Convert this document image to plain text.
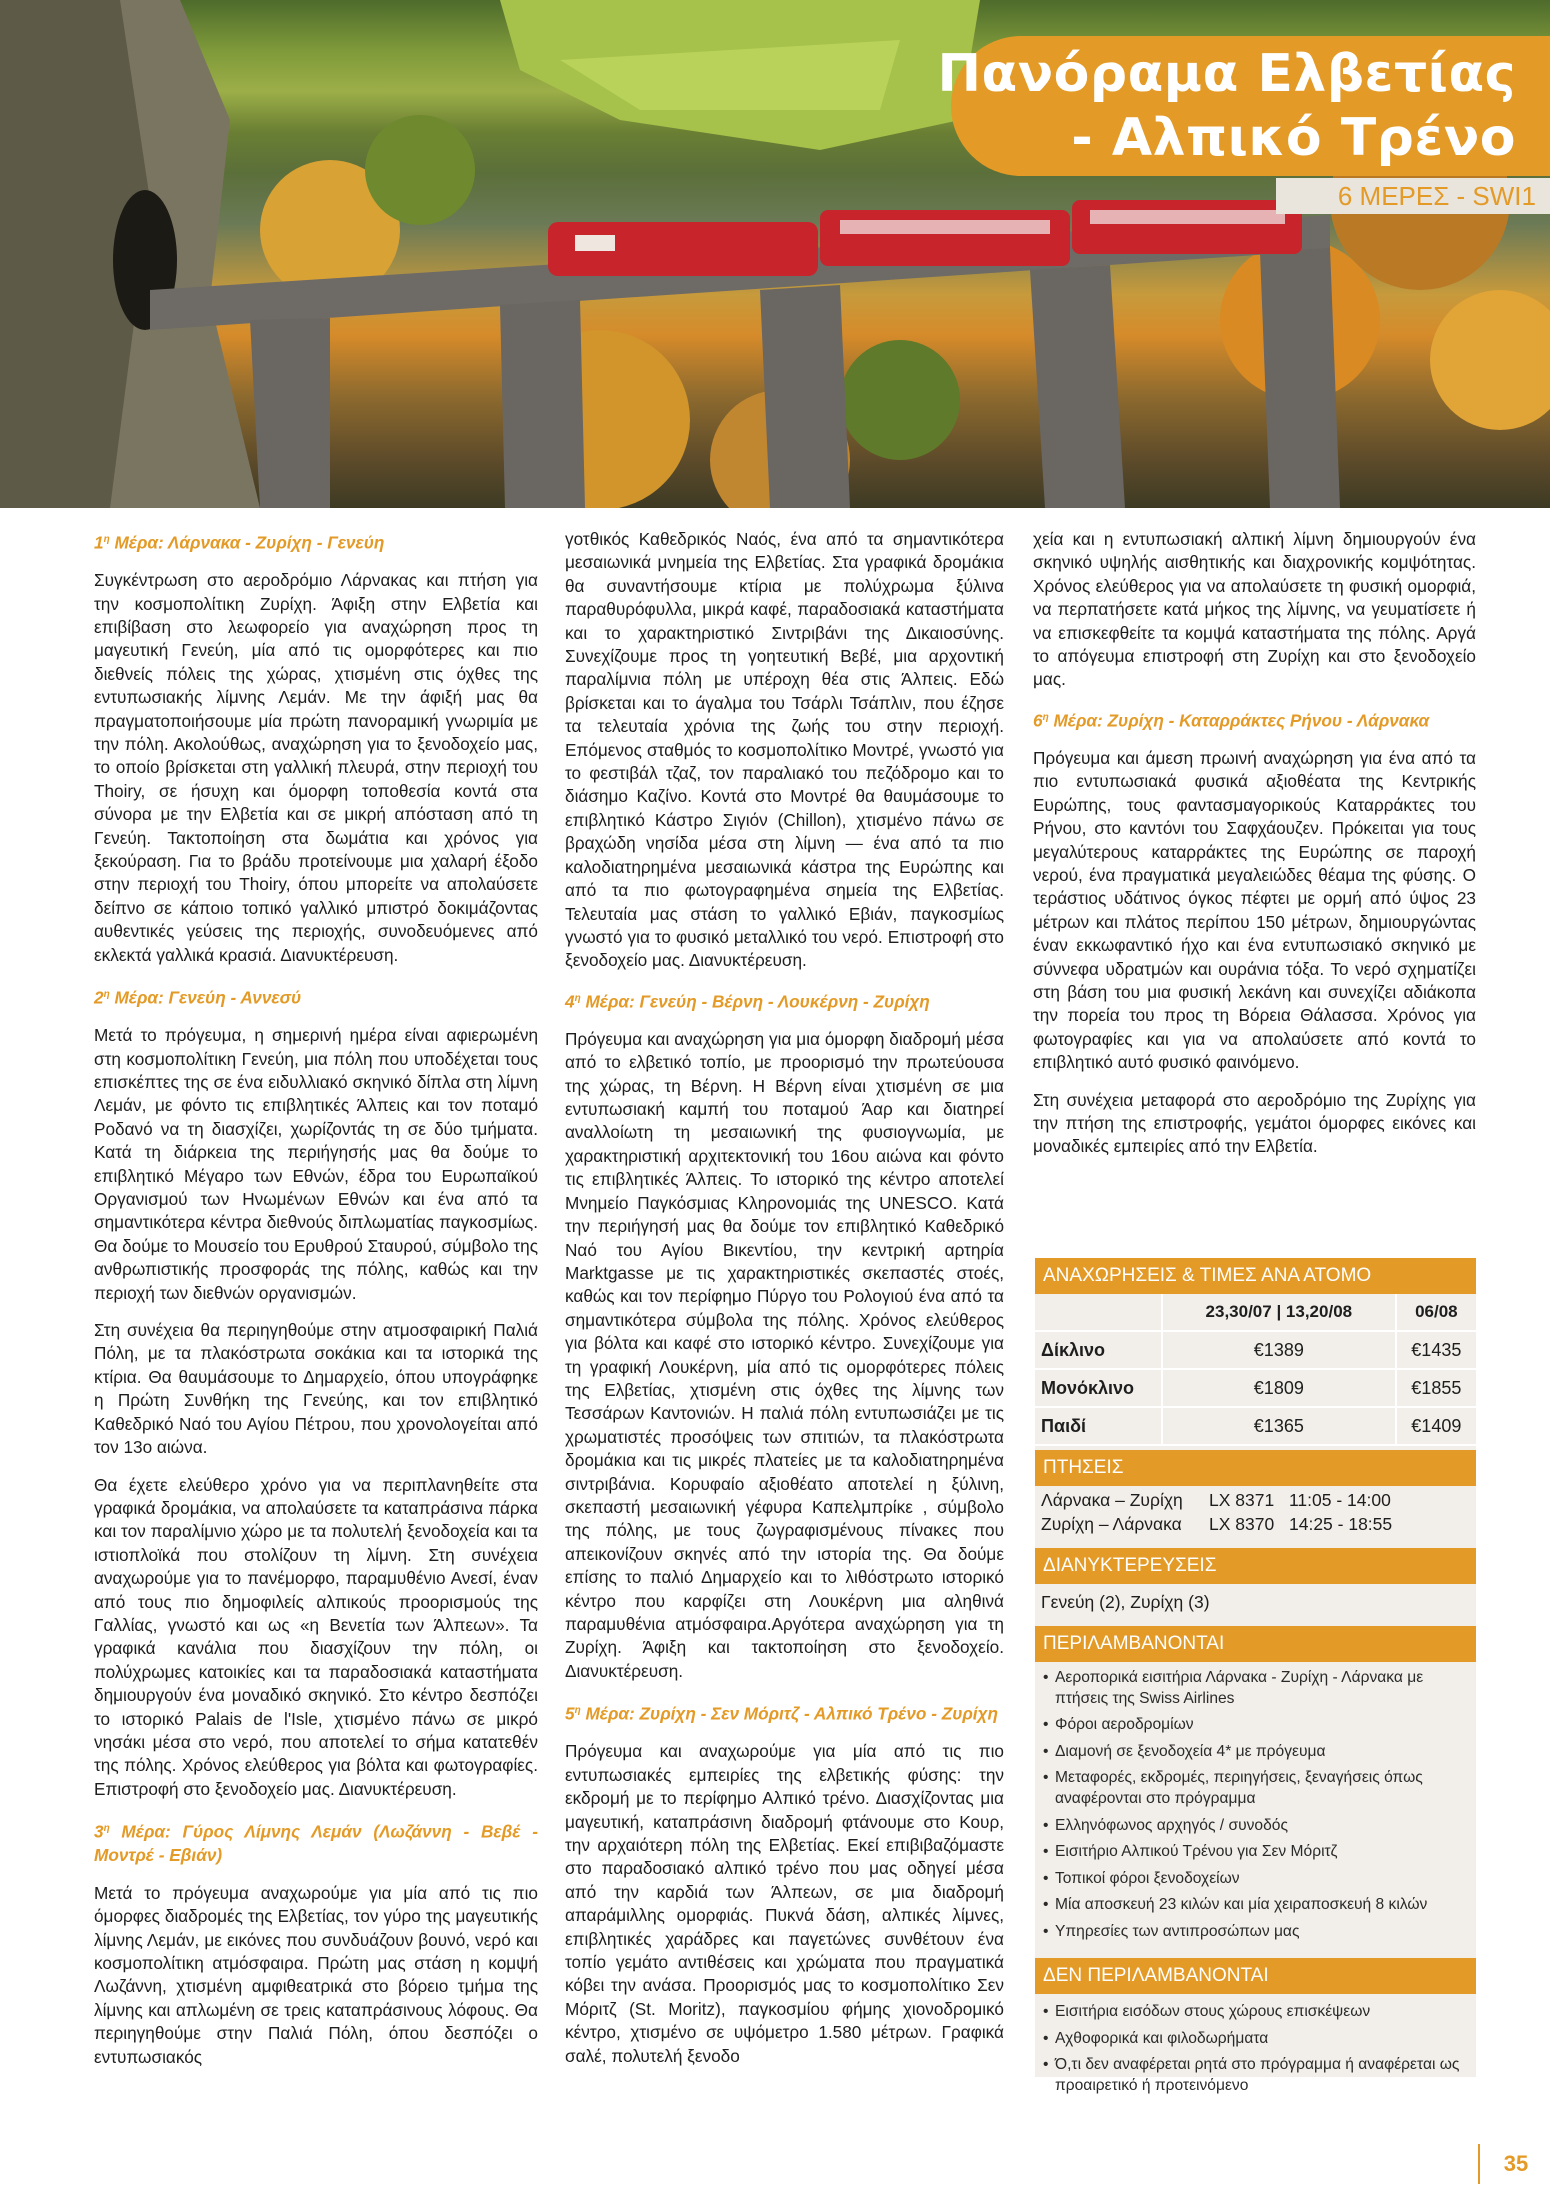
Πανόραμα Ελβετίας
- Αλπικό Τρένο
6 ΜΕΡΕΣ - SWI1

$1^\eta$ Μέρα: Λάρνακα - Ζυρίχη - Γενεύη

Συγκέντρωση στο αεροδρόμιο Λάρνακας και πτήση για την κοσμοπολίτικη Ζυρίχη. Άφιξη στην Ελβετία και επιβίβαση στο λεωφορείο για αναχώρηση προς τη μαγευτική Γενεύη, μία από τις ομορφότερες και πιο διεθνείς πόλεις της χώρας, χτισμένη στις όχθες της εντυπωσιακής λίμνης Λεμάν. Με την άφιξή μας θα πραγματοποιήσουμε μία πρώτη πανοραμική γνωριμία με την πόλη. Ακολούθως, αναχώρηση για το ξενοδοχείο μας, το οποίο βρίσκεται στη γαλλική πλευρά, στην περιοχή του Thoiry, σε ήσυχη και όμορφη τοποθεσία κοντά στα σύνορα με την Ελβετία και σε μικρή απόσταση από τη Γενεύη. Τακτοποίηση στα δωμάτια και χρόνος για ξεκούραση. Για το βράδυ προτείνουμε μια χαλαρή έξοδο στην περιοχή του Thoiry, όπου μπορείτε να απολαύσετε δείπνο σε κάποιο τοπικό γαλλικό μπιστρό δοκιμάζοντας αυθεντικές γεύσεις της περιοχής, συνοδευόμενες από εκλεκτά γαλλικά κρασιά. Διανυκτέρευση.

$2^\eta$ Μέρα: Γενεύη - Αννεσύ

Μετά το πρόγευμα, η σημερινή ημέρα είναι αφιερωμένη στη κοσμοπολίτικη Γενεύη, μια πόλη που υποδέχεται τους επισκέπτες της σε ένα ειδυλλιακό σκηνικό δίπλα στη λίμνη Λεμάν, με φόντο τις επιβλητικές Άλπεις και τον ποταμό Ροδανό να τη διασχίζει, χωρίζοντάς τη σε δύο τμήματα. Κατά τη διάρκεια της περιήγησής μας θα δούμε το επιβλητικό Μέγαρο των Εθνών, έδρα του Ευρωπαϊκού Οργανισμού των Ηνωμένων Εθνών και ένα από τα σημαντικότερα κέντρα διεθνούς διπλωματίας παγκοσμίως. Θα δούμε το Μουσείο του Ερυθρού Σταυρού, σύμβολο της ανθρωπιστικής προσφοράς της πόλης, καθώς και την περιοχή των διεθνών οργανισμών.

Στη συνέχεια θα περιηγηθούμε στην ατμοσφαιρική Παλιά Πόλη, με τα πλακόστρωτα σοκάκια και τα ιστορικά της κτίρια. Θα θαυμάσουμε το Δημαρχείο, όπου υπογράφηκε η Πρώτη Συνθήκη της Γενεύης, και τον επιβλητικό Καθεδρικό Ναό του Αγίου Πέτρου, που χρονολογείται από τον 13ο αιώνα.

Θα έχετε ελεύθερο χρόνο για να περιπλανηθείτε στα γραφικά δρομάκια, να απολαύσετε τα καταπράσινα πάρκα και τον παραλίμνιο χώρο με τα πολυτελή ξενοδοχεία και τα ιστιοπλοϊκά που στολίζουν τη λίμνη. Στη συνέχεια αναχωρούμε για το πανέμορφο, παραμυθένιο Ανεσί, έναν από τους πιο δημοφιλείς αλπικούς προορισμούς της Γαλλίας, γνωστό και ως «η Βενετία των Άλπεων». Τα γραφικά κανάλια που διασχίζουν την πόλη, οι πολύχρωμες κατοικίες και τα παραδοσιακά καταστήματα δημιουργούν ένα μοναδικό σκηνικό. Στο κέντρο δεσπόζει το ιστορικό Palais de l'Isle, χτισμένο πάνω σε μικρό νησάκι μέσα στο νερό, που αποτελεί το σήμα κατατεθέν της πόλης. Χρόνος ελεύθερος για βόλτα και φωτογραφίες. Επιστροφή στο ξενοδοχείο μας. Διανυκτέρευση.

$3^\eta$ Μέρα: Γύρος Λίμνης Λεμάν (Λωζάννη - Βεβέ - Μοντρέ - Εβιάν)

Μετά το πρόγευμα αναχωρούμε για μία από τις πιο όμορφες διαδρομές της Ελβετίας, τον γύρο της μαγευτικής λίμνης Λεμάν, με εικόνες που συνδυάζουν βουνό, νερό και κοσμοπολίτικη ατμόσφαιρα. Πρώτη μας στάση η κομψή Λωζάννη, χτισμένη αμφιθεατρικά στο βόρειο τμήμα της λίμνης και απλωμένη σε τρεις καταπράσινους λόφους. Θα περιηγηθούμε στην Παλιά Πόλη, όπου δεσπόζει ο εντυπωσιακός

γοτθικός Καθεδρικός Ναός, ένα από τα σημαντικότερα μεσαιωνικά μνημεία της Ελβετίας. Στα γραφικά δρομάκια θα συναντήσουμε κτίρια με πολύχρωμα ξύλινα παραθυρόφυλλα, μικρά καφέ, παραδοσιακά καταστήματα και το χαρακτηριστικό Σιντριβάνι της Δικαιοσύνης. Συνεχίζουμε προς τη γοητευτική Βεβέ, μια αρχοντική παραλίμνια πόλη με υπέροχη θέα στις Άλπεις. Εδώ βρίσκεται και το άγαλμα του Τσάρλι Τσάπλιν, που έζησε τα τελευταία χρόνια της ζωής του στην περιοχή. Επόμενος σταθμός το κοσμοπολίτικο Μοντρέ, γνωστό για το φεστιβάλ τζαζ, τον παραλιακό του πεζόδρομο και το διάσημο Καζίνο. Κοντά στο Μοντρέ θα θαυμάσουμε το επιβλητικό Κάστρο Σιγιόν (Chillon), χτισμένο πάνω σε βραχώδη νησίδα μέσα στη λίμνη — ένα από τα πιο καλοδιατηρημένα μεσαιωνικά κάστρα της Ευρώπης και από τα πιο φωτογραφημένα σημεία της Ελβετίας. Τελευταία μας στάση το γαλλικό Εβιάν, παγκοσμίως γνωστό για το φυσικό μεταλλικό του νερό. Επιστροφή στο ξενοδοχείο μας. Διανυκτέρευση.

$4^\eta$ Μέρα: Γενεύη - Βέρνη - Λουκέρνη - Ζυρίχη

Πρόγευμα και αναχώρηση για μια όμορφη διαδρομή μέσα από το ελβετικό τοπίο, με προορισμό την πρωτεύουσα της χώρας, τη Βέρνη. Η Βέρνη είναι χτισμένη σε μια εντυπωσιακή καμπή του ποταμού Άαρ και διατηρεί αναλλοίωτη τη μεσαιωνική της φυσιογνωμία, με χαρακτηριστική αρχιτεκτονική του 16ου αιώνα και φόντο τις επιβλητικές Άλπεις. Το ιστορικό της κέντρο αποτελεί Μνημείο Παγκόσμιας Κληρονομιάς της UNESCO. Κατά την περιήγησή μας θα δούμε τον επιβλητικό Καθεδρικό Ναό του Αγίου Βικεντίου, την κεντρική αρτηρία Marktgasse με τις χαρακτηριστικές σκεπαστές στοές, καθώς και τον περίφημο Πύργο του Ρολογιού ένα από τα σημαντικότερα σύμβολα της πόλης. Χρόνος ελεύθερος για βόλτα και καφέ στο ιστορικό κέντρο. Συνεχίζουμε για τη γραφική Λουκέρνη, μία από τις ομορφότερες πόλεις της Ελβετίας, χτισμένη στις όχθες της λίμνης των Τεσσάρων Καντονιών. Η παλιά πόλη εντυπωσιάζει με τις χρωματιστές προσόψεις των σπιτιών, τα πλακόστρωτα δρομάκια και τις μικρές πλατείες με τα καλοδιατηρημένα σιντριβάνια. Κορυφαίο αξιοθέατο αποτελεί η ξύλινη, σκεπαστή μεσαιωνική γέφυρα Καπελμπρίκε , σύμβολο της πόλης, με τους ζωγραφισμένους πίνακες που απεικονίζουν σκηνές από την ιστορία της. Θα δούμε επίσης το παλιό Δημαρχείο και το λιθόστρωτο ιστορικό κέντρο που καρφίζει στη Λουκέρνη μια αληθινά παραμυθένια ατμόσφαιρα.Αργότερα αναχώρηση για τη Ζυρίχη. Άφιξη και τακτοποίηση στο ξενοδοχείο. Διανυκτέρευση.

$5^\eta$ Μέρα: Ζυρίχη - Σεν Μόριτζ - Αλπικό Τρένο - Ζυρίχη

Πρόγευμα και αναχωρούμε για μία από τις πιο εντυπωσιακές εμπειρίες της ελβετικής φύσης: την εκδρομή με το περίφημο Αλπικό τρένο. Διασχίζοντας μια μαγευτική, καταπράσινη διαδρομή φτάνουμε στο Κουρ, την αρχαιότερη πόλη της Ελβετίας. Εκεί επιβιβαζόμαστε στο παραδοσιακό αλπικό τρένο που μας οδηγεί μέσα από την καρδιά των Άλπεων, σε μια διαδρομή απαράμιλλης ομορφιάς. Πυκνά δάση, αλπικές λίμνες, επιβλητικές χαράδρες και παγετώνες συνθέτουν ένα τοπίο γεμάτο αντιθέσεις και χρώματα που πραγματικά κόβει την ανάσα. Προορισμός μας το κοσμοπολίτικο Σεν Μόριτζ (St. Moritz), παγκοσμίου φήμης χιονοδρομικό κέντρο, χτισμένο σε υψόμετρο 1.580 μέτρων. Γραφικά σαλέ, πολυτελή ξενοδο

χεία και η εντυπωσιακή αλπική λίμνη δημιουργούν ένα σκηνικό υψηλής αισθητικής και διαχρονικής κομψότητας. Χρόνος ελεύθερος για να απολαύσετε τη φυσική ομορφιά, να περπατήσετε κατά μήκος της λίμνης, να γευματίσετε ή να επισκεφθείτε τα κομψά καταστήματα της πόλης. Αργά το απόγευμα επιστροφή στη Ζυρίχη και στο ξενοδοχείο μας.

$6^\eta$ Μέρα: Ζυρίχη - Καταρράκτες Ρήνου - Λάρνακα

Πρόγευμα και άμεση πρωινή αναχώρηση για ένα από τα πιο εντυπωσιακά φυσικά αξιοθέατα της Κεντρικής Ευρώπης, τους φαντασμαγορικούς Καταρράκτες του Ρήνου, στο καντόνι του Σαφχάουζεν. Πρόκειται για τους μεγαλύτερους καταρράκτες της Ευρώπης σε παροχή νερού, ένα πραγματικά μεγαλειώδες θέαμα της φύσης. Ο τεράστιος υδάτινος όγκος πέφτει με ορμή από ύψος 23 μέτρων και πλάτος περίπου 150 μέτρων, δημιουργώντας έναν εκκωφαντικό ήχο και ένα εντυπωσιακό σκηνικό με σύννεφα υδρατμών και ουράνια τόξα. Το νερό σχηματίζει στη βάση του μια φυσική λεκάνη και συνεχίζει αδιάκοπα την πορεία του προς τη Βόρεια Θάλασσα. Χρόνος για φωτογραφίες και για να απολαύσετε από κοντά το επιβλητικό αυτό φυσικό φαινόμενο.

Στη συνέχεια μεταφορά στο αεροδρόμιο της Ζυρίχης για την πτήση της επιστροφής, γεμάτοι όμορφες εικόνες και μοναδικές εμπειρίες από την Ελβετία.

ΑΝΑΧΩΡΗΣΕΙΣ & ΤΙΜΕΣ ΑΝΑ ΑΤΟΜΟ
	23,30/07 | 13,20/08	06/08
Δίκλινο	€1389	€1435
Μονόκλινο	€1809	€1855
Παιδί	€1365	€1409
ΠΤΗΣΕΙΣ
Λάρνακα – Ζυρίχη LX 8371 11:05 - 14:00
Ζυρίχη – Λάρνακα LX 8370 14:25 - 18:55
ΔΙΑΝΥΚΤΕΡΕΥΣΕΙΣ
Γενεύη (2), Ζυρίχη (3)
ΠΕΡΙΛΑΜΒΑΝΟΝΤΑΙ
• Αεροπορικά εισιτήρια Λάρνακα - Ζυρίχη - Λάρνακα με πτήσεις της Swiss Airlines
• Φόροι αεροδρομίων
• Διαμονή σε ξενοδοχεία 4* με πρόγευμα
• Μεταφορές, εκδρομές, περιηγήσεις, ξεναγήσεις όπως αναφέρονται στο πρόγραμμα
• Ελληνόφωνος αρχηγός / συνοδός
• Εισιτήριο Αλπικού Τρένου για Σεν Μόριτζ
• Τοπικοί φόροι ξενοδοχείων
• Μία αποσκευή 23 κιλών και μία χειραποσκευή 8 κιλών
• Υπηρεσίες των αντιπροσώπων μας
ΔΕΝ ΠΕΡΙΛΑΜΒΑΝΟΝΤΑΙ
• Εισιτήρια εισόδων στους χώρους επισκέψεων
• Αχθοφορικά και φιλοδωρήματα
• Ό,τι δεν αναφέρεται ρητά στο πρόγραμμα ή αναφέρεται ως προαιρετικό ή προτεινόμενο
35
